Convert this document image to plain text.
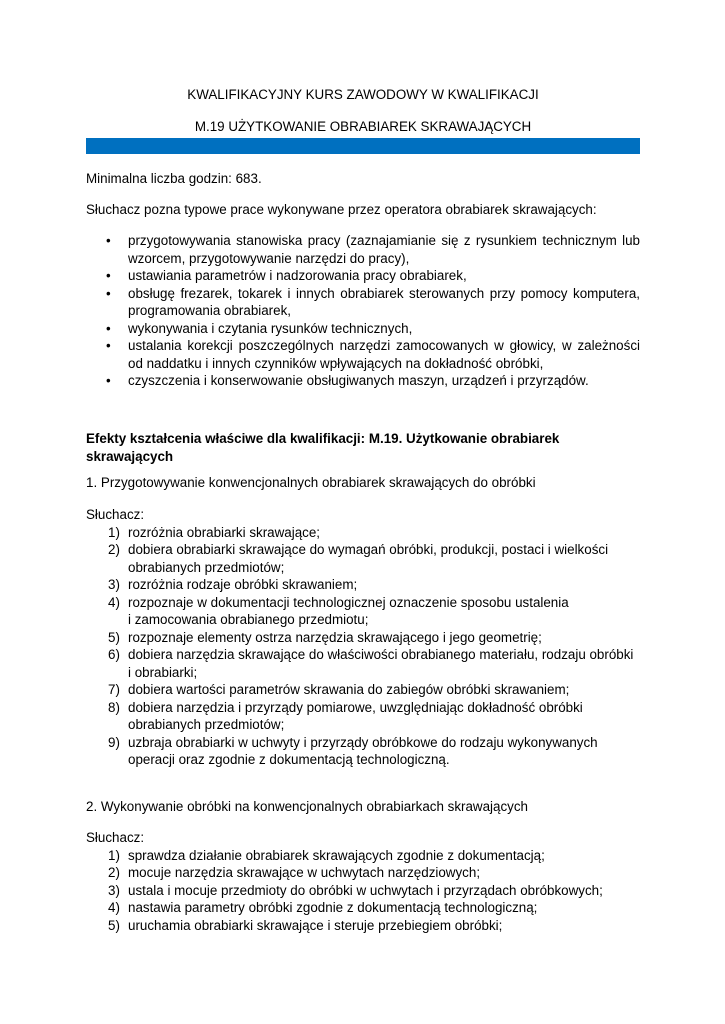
KWALIFIKACYJNY KURS ZAWODOWY W KWALIFIKACJI
M.19 UŻYTKOWANIE OBRABIAREK SKRAWAJĄCYCH
Minimalna liczba godzin: 683.
Słuchacz pozna typowe prace wykonywane przez operatora obrabiarek skrawających:
• przygotowywania stanowiska pracy (zaznajamianie się z rysunkiem technicznym lub wzorcem, przygotowywanie narzędzi do pracy),
• ustawiania parametrów i nadzorowania pracy obrabiarek,
• obsługę frezarek, tokarek i innych obrabiarek sterowanych przy pomocy komputera, programowania obrabiarek,
• wykonywania i czytania rysunków technicznych,
• ustalania korekcji poszczególnych narzędzi zamocowanych w głowicy, w zależności od naddatku i innych czynników wpływających na dokładność obróbki,
• czyszczenia i konserwowanie obsługiwanych maszyn, urządzeń i przyrządów.
Efekty kształcenia właściwe dla kwalifikacji: M.19. Użytkowanie obrabiarek skrawających
1. Przygotowywanie konwencjonalnych obrabiarek skrawających do obróbki
Słuchacz:
1) rozróżnia obrabiarki skrawające;
2) dobiera obrabiarki skrawające do wymagań obróbki, produkcji, postaci i wielkości
obrabianych przedmiotów;
3) rozróżnia rodzaje obróbki skrawaniem;
4) rozpoznaje w dokumentacji technologicznej oznaczenie sposobu ustalenia
i zamocowania obrabianego przedmiotu;
5) rozpoznaje elementy ostrza narzędzia skrawającego i jego geometrię;
6) dobiera narzędzia skrawające do właściwości obrabianego materiału, rodzaju obróbki
i obrabiarki;
7) dobiera wartości parametrów skrawania do zabiegów obróbki skrawaniem;
8) dobiera narzędzia i przyrządy pomiarowe, uwzględniając dokładność obróbki
obrabianych przedmiotów;
9) uzbraja obrabiarki w uchwyty i przyrządy obróbkowe do rodzaju wykonywanych
operacji oraz zgodnie z dokumentacją technologiczną.
2. Wykonywanie obróbki na konwencjonalnych obrabiarkach skrawających
Słuchacz:
1) sprawdza działanie obrabiarek skrawających zgodnie z dokumentacją;
2) mocuje narzędzia skrawające w uchwytach narzędziowych;
3) ustala i mocuje przedmioty do obróbki w uchwytach i przyrządach obróbkowych;
4) nastawia parametry obróbki zgodnie z dokumentacją technologiczną;
5) uruchamia obrabiarki skrawające i steruje przebiegiem obróbki;
